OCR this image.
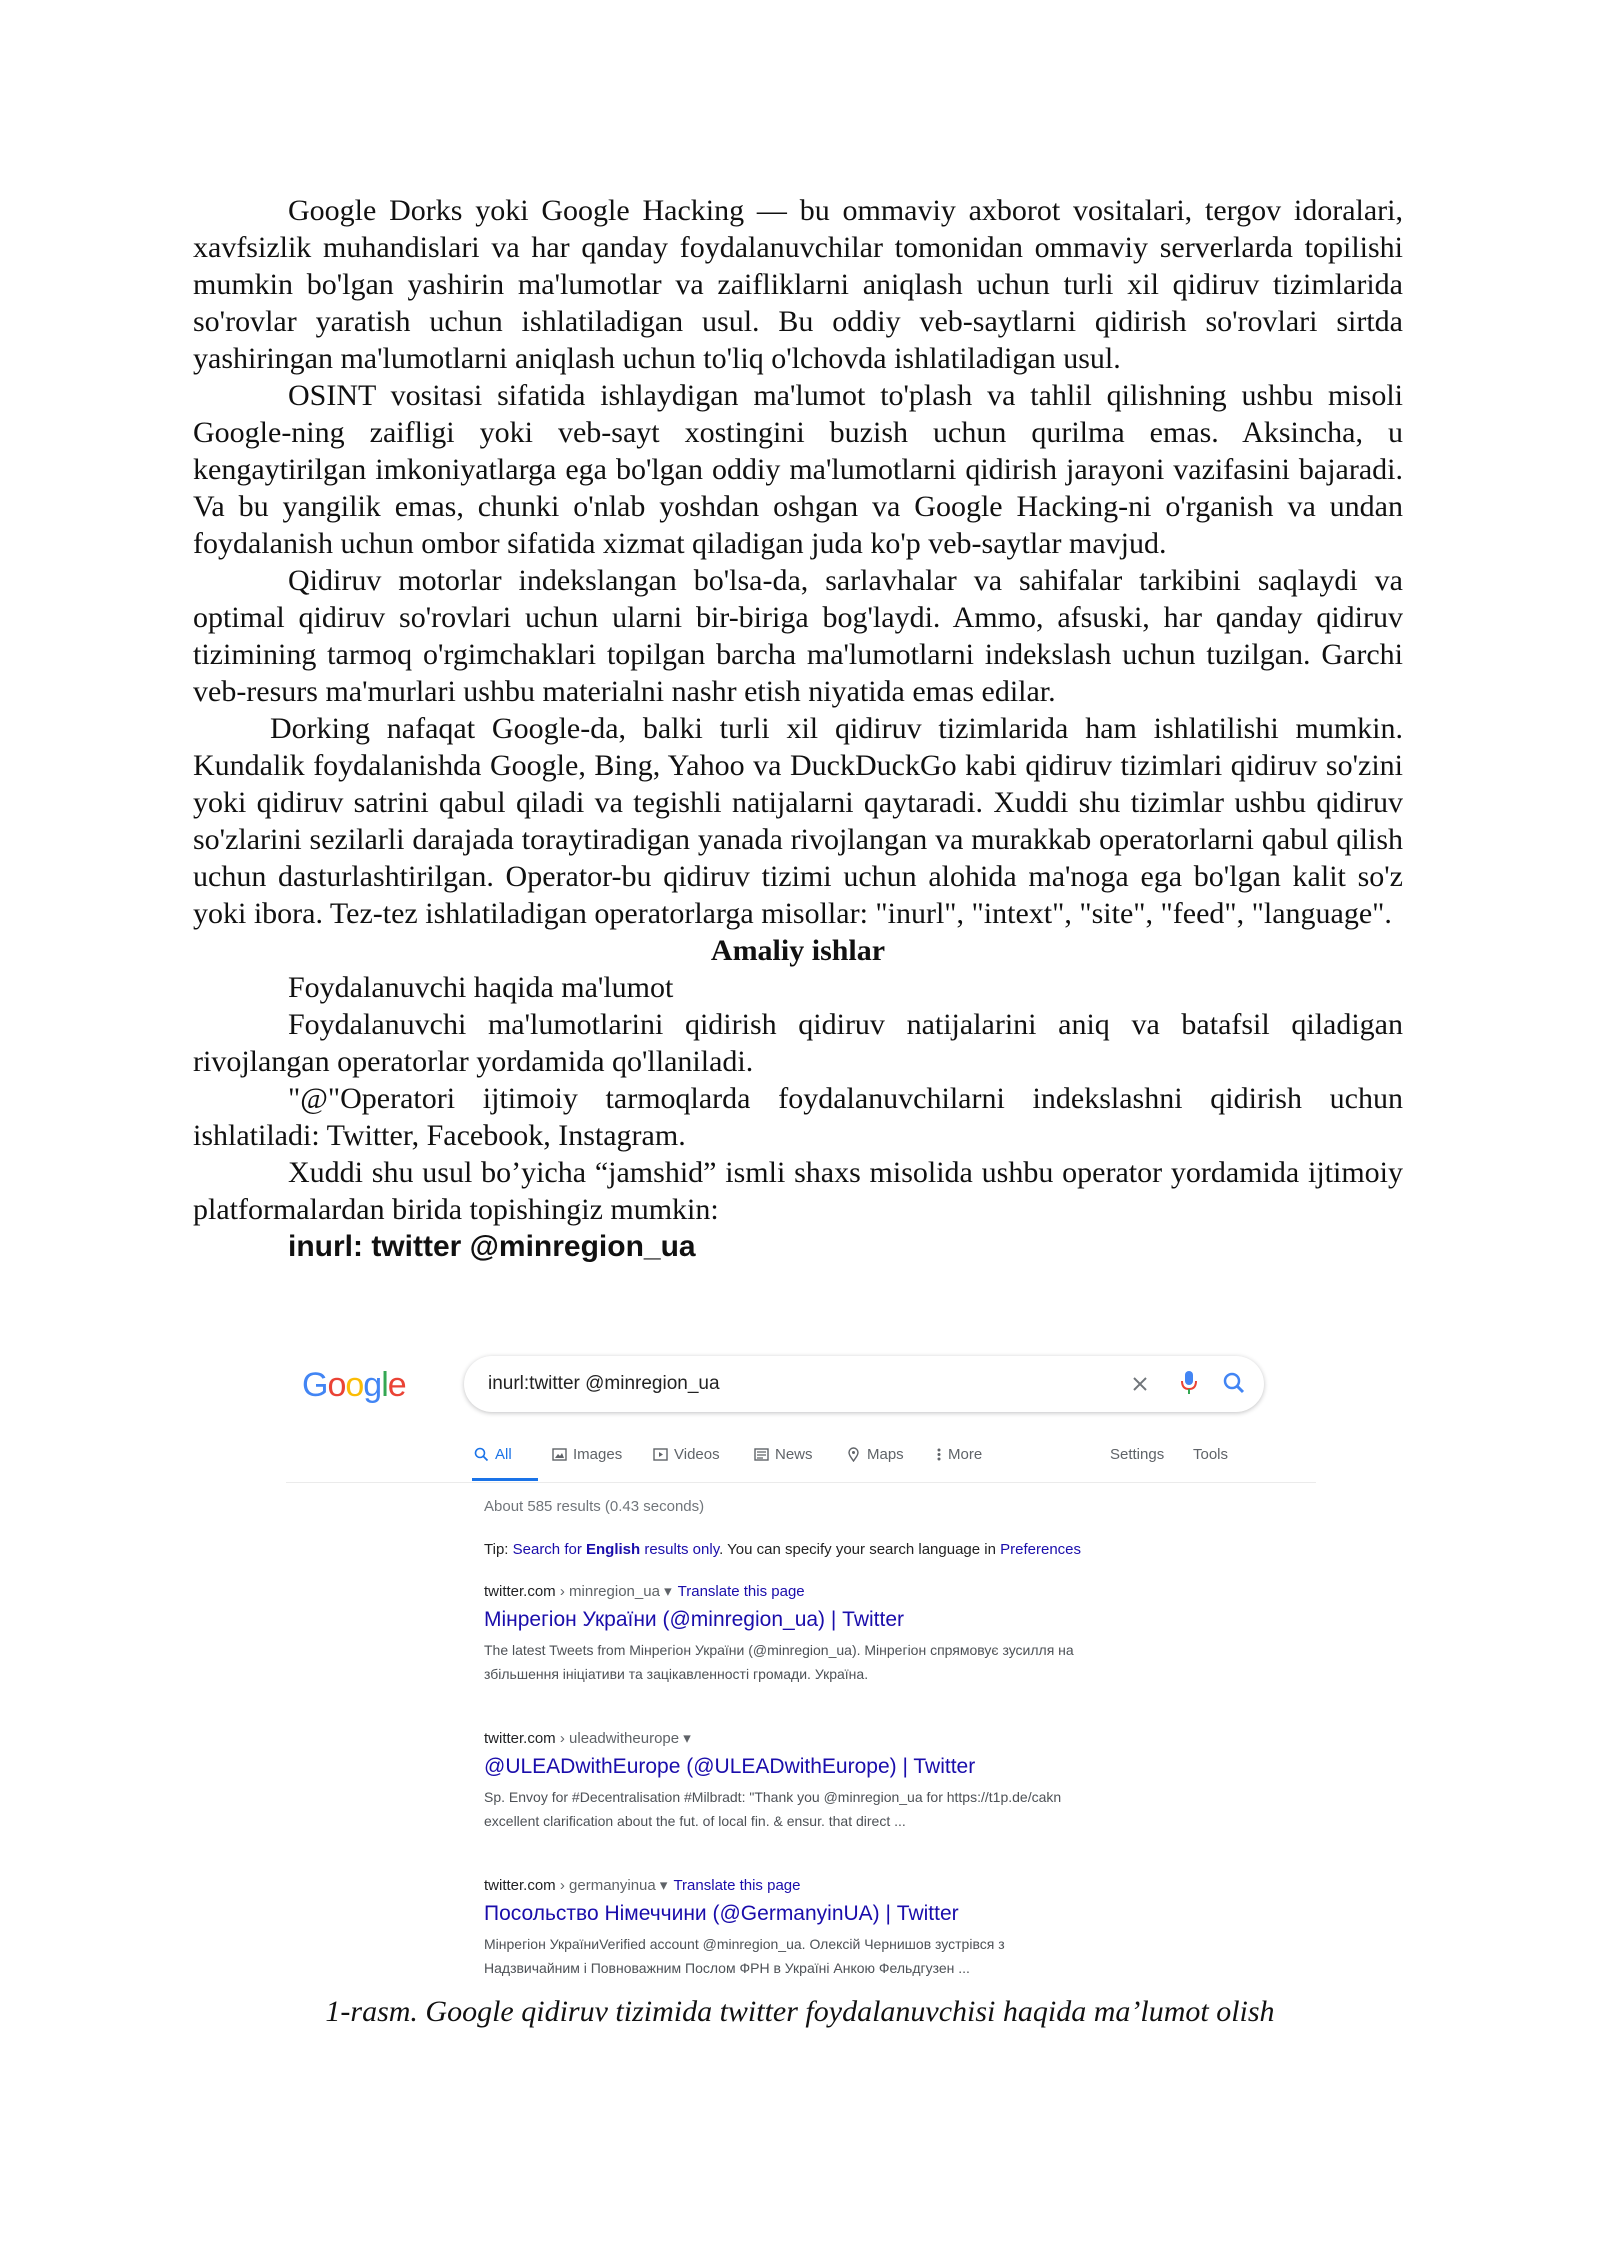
Google Dorks yoki Google Hacking — bu ommaviy axborot vositalari, tergov idoralari, xavfsizlik muhandislari va har qanday foydalanuvchilar tomonidan ommaviy serverlarda topilishi mumkin bo'lgan yashirin ma'lumotlar va zaifliklarni aniqlash uchun turli xil qidiruv tizimlarida so'rovlar yaratish uchun ishlatiladigan usul. Bu oddiy veb-saytlarni qidirish so'rovlari sirtda yashiringan ma'lumotlarni aniqlash uchun to'liq o'lchovda ishlatiladigan usul.

OSINT vositasi sifatida ishlaydigan ma'lumot to'plash va tahlil qilishning ushbu misoli Google-ning zaifligi yoki veb-sayt xostingini buzish uchun qurilma emas. Aksincha, u kengaytirilgan imkoniyatlarga ega bo'lgan oddiy ma'lumotlarni qidirish jarayoni vazifasini bajaradi. Va bu yangilik emas, chunki o'nlab yoshdan oshgan va Google Hacking-ni o'rganish va undan foydalanish uchun ombor sifatida xizmat qiladigan juda ko'p veb-saytlar mavjud.

Qidiruv motorlar indekslangan bo'lsa-da, sarlavhalar va sahifalar tarkibini saqlaydi va optimal qidiruv so'rovlari uchun ularni bir-biriga bog'laydi. Ammo, afsuski, har qanday qidiruv tizimining tarmoq o'rgimchaklari topilgan barcha ma'lumotlarni indekslash uchun tuzilgan. Garchi veb-resurs ma'murlari ushbu materialni nashr etish niyatida emas edilar.

Dorking nafaqat Google-da, balki turli xil qidiruv tizimlarida ham ishlatilishi mumkin. Kundalik foydalanishda Google, Bing, Yahoo va DuckDuckGo kabi qidiruv tizimlari qidiruv so'zini yoki qidiruv satrini qabul qiladi va tegishli natijalarni qaytaradi. Xuddi shu tizimlar ushbu qidiruv so'zlarini sezilarli darajada toraytiradigan yanada rivojlangan va murakkab operatorlarni qabul qilish uchun dasturlashtirilgan. Operator-bu qidiruv tizimi uchun alohida ma'noga ega bo'lgan kalit so'z yoki ibora. Tez-tez ishlatiladigan operatorlarga misollar: "inurl", "intext", "site", "feed", "language".

Amaliy ishlar

Foydalanuvchi haqida ma'lumot

Foydalanuvchi ma'lumotlarini qidirish qidiruv natijalarini aniq va batafsil qiladigan rivojlangan operatorlar yordamida qo'llaniladi.

"@"Operatori ijtimoiy tarmoqlarda foydalanuvchilarni indekslashni qidirish uchun ishlatiladi: Twitter, Facebook, Instagram.

Xuddi shu usul bo’yicha “jamshid” ismli shaxs misolida ushbu operator yordamida ijtimoiy platformalardan birida topishingiz mumkin:

inurl: twitter @minregion_ua
Google	inurl:twitter @minregion_ua
All	Images	Videos	News	Maps	More	Settings Tools
About 585 results (0.43 seconds)
Tip: Search for English results only. You can specify your search language in Preferences
twitter.com › minregion_ua ▾ Translate this page
Мінрегіон України (@minregion_ua) | Twitter
The latest Tweets from Мінрегіон України (@minregion_ua). Мінрегіон спрямовує зусилля на
збільшення ініціативи та зацікавленності громади. Україна.
twitter.com › uleadwitheurope ▾
@ULEADwithEurope (@ULEADwithEurope) | Twitter
Sp. Envoy for #Decentralisation #Milbradt: "Thank you @minregion_ua for https://t1p.de/cakn
excellent clarification about the fut. of local fin. & ensur. that direct ...
twitter.com › germanyinua ▾ Translate this page
Посольство Німеччини (@GermanyinUA) | Twitter
Мінрегіон УкраїниVerified account @minregion_ua. Олексій Чернишов зустрівся з
Надзвичайним і Повноважним Послом ФРН в Україні Анкою Фельдгузен ...
1-rasm. Google qidiruv tizimida twitter foydalanuvchisi haqida ma’lumot olish
